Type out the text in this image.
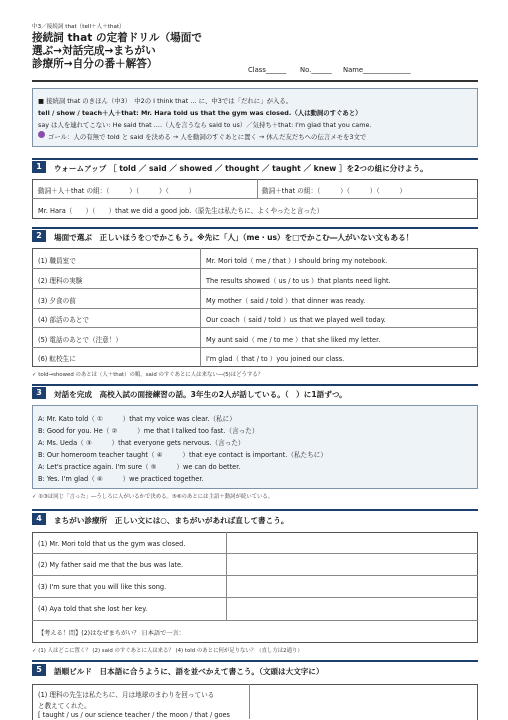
中3／接続詞 that（tell＋人＋that）
接続詞 that の定着ドリル（場面で
選ぶ→対話完成→まちがい
診療所→自分の番＋解答）	Class______ No.______ Name______________
■ 接続詞 that のきほん（中3）　中2の I think that … に、中3では「だれに」が入る。
tell / show / teach＋人＋that: Mr. Hara told us that the gym was closed.（人は動詞のすぐあと）
say は人を連れてこない: He said that ….（人を言うなら said to us）／気持ち＋that: I'm glad that you came.
ゴール：人の有無で told と said を決める → 人を動詞のすぐあとに置く → 休んだ友だちへの伝言メモを3文で
1	ウォームアップ ［ told ／ said ／ showed ／ thought ／ taught ／ knew ］を2つの組に分けよう。
動詞＋人＋that の組：（　　　）（　　　）（　　　）	動詞＋that の組：（　　　）（　　　）（　　　）
Mr. Hara（　　）（　　）that we did a good job.（原先生は私たちに、よくやったと言った）
2	場面で選ぶ　正しいほうを○でかこもう。※先に「人」（me・us）を□でかこむ―人がいない文もある！
(1) 職員室で	Mr. Mori told（ me / that ）I should bring my notebook.
(2) 理科の実験	The results showed（ us / to us ）that plants need light.
(3) 夕食の前	My mother（ said / told ）that dinner was ready.
(4) 部活のあとで	Our coach（ said / told ）us that we played well today.
(5) 電話のあとで（注意！）	My aunt said（ me / to me ）that she liked my letter.
(6) 転校生に	I'm glad（ that / to ）you joined our class.
✓ told→showed のあとは（人＋that）の順。said のすぐあとに人は来ない―(5)はどうする？
3	対話を完成　高校入試の面接練習の話。3年生の2人が話している。（　）に1語ずつ。
A: Mr. Kato told（ ①　　　）that my voice was clear.（私に）
B: Good for you. He（ ②　　　）me that I talked too fast.（言った）
A: Ms. Ueda（ ③　　　）that everyone gets nervous.（言った）
B: Our homeroom teacher taught（ ④　　　）that eye contact is important.（私たちに）
A: Let's practice again. I'm sure（ ⑤　　　）we can do better.
B: Yes. I'm glad（ ⑥　　　）we practiced together.
✓ ①③は同じ「言った」―うしろに人がいるかで決める。⑤⑥のあとには主語＋動詞が続いている。
4	まちがい診療所　正しい文には○、まちがいがあれば直して書こう。
(1) Mr. Mori told that us the gym was closed.
(2) My father said me that the bus was late.
(3) I'm sure that you will like this song.
(4) Aya told that she lost her key.
【考える！問】(2)はなぜまちがい？ 日本語で一言：
✓ (1) 人はどこに置く？ (2) said のすぐあとに人は来る？ (4) told のあとに何が足りない？（直し方は2通り）
5	語順ビルド　日本語に合うように、語を並べかえて書こう。（文頭は大文字に）
(1) 理科の先生は私たちに、月は地球のまわりを回っている
と教えてくれた。
[ taught / us / our science teacher / the moon / that / goes
